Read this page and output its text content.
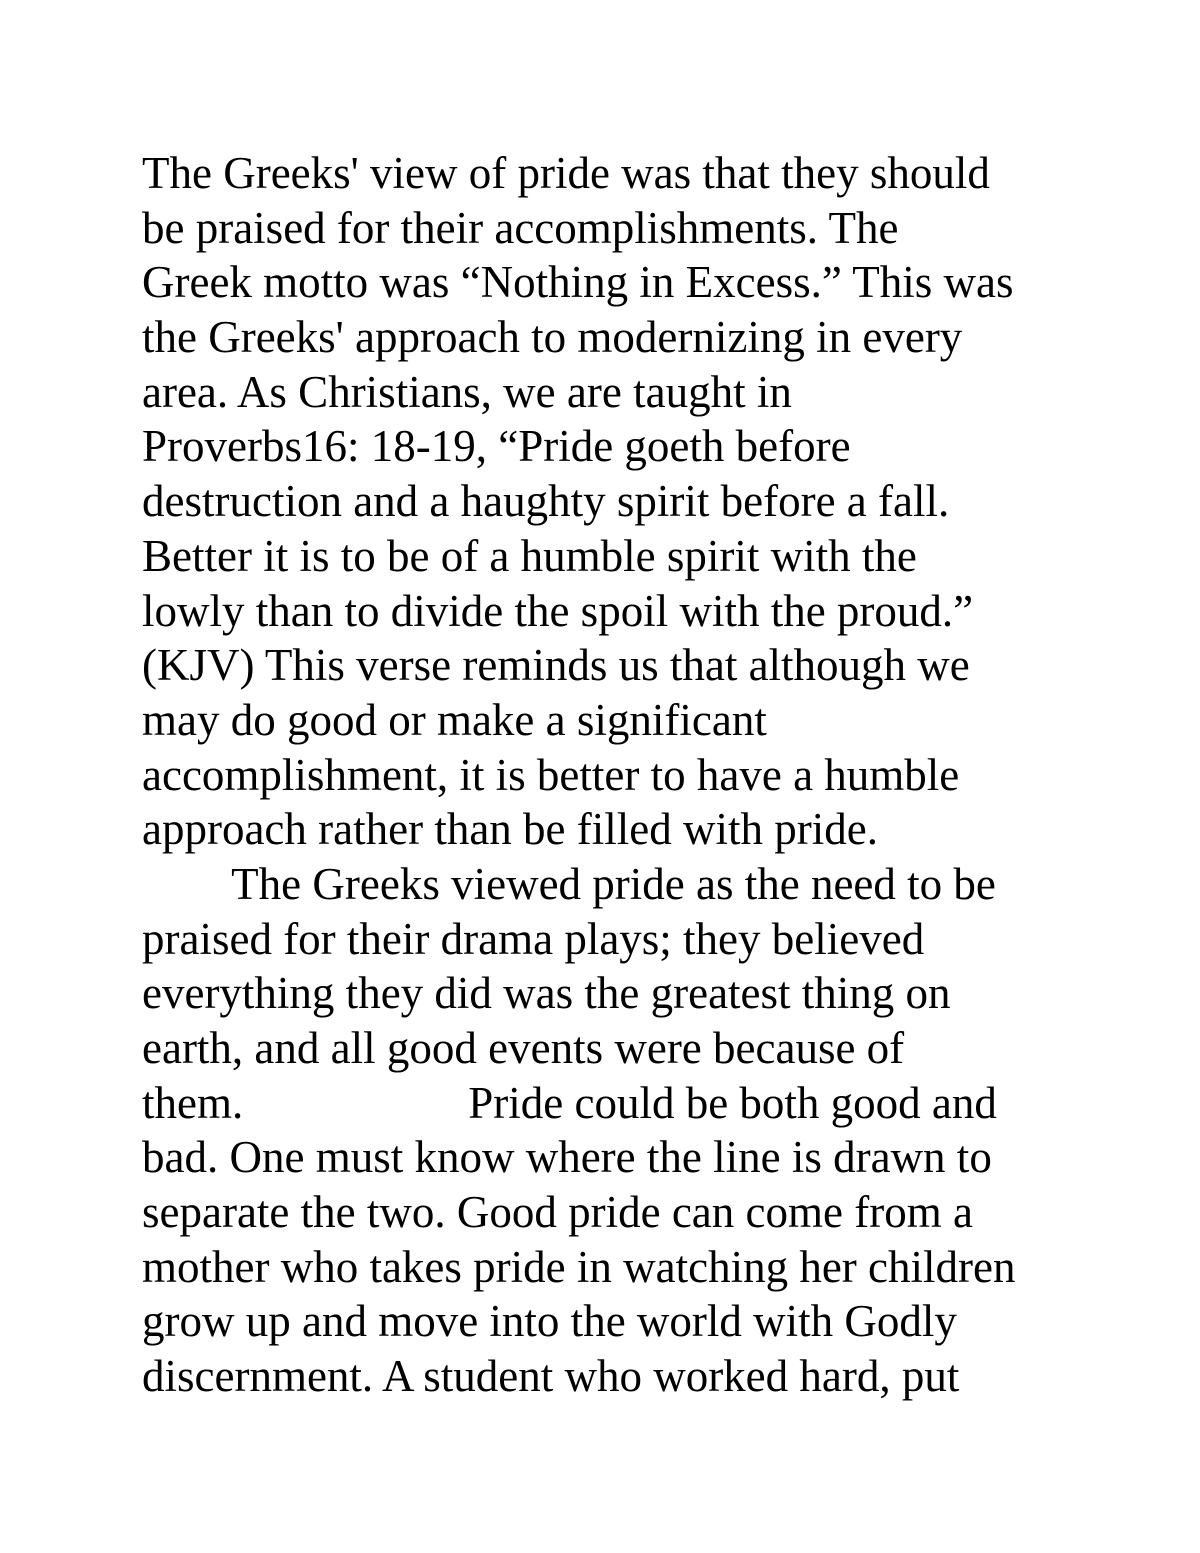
The Greeks' view of pride was that they should
be praised for their accomplishments. The
Greek motto was “Nothing in Excess.” This was
the Greeks' approach to modernizing in every
area. As Christians, we are taught in
Proverbs16: 18-19, “Pride goeth before
destruction and a haughty spirit before a fall.
Better it is to be of a humble spirit with the
lowly than to divide the spoil with the proud.”
(KJV) This verse reminds us that although we
may do good or make a significant
accomplishment, it is better to have a humble
approach rather than be filled with pride.
The Greeks viewed pride as the need to be
praised for their drama plays; they believed
everything they did was the greatest thing on
earth, and all good events were because of
them.                    Pride could be both good and
bad. One must know where the line is drawn to
separate the two. Good pride can come from a
mother who takes pride in watching her children
grow up and move into the world with Godly
discernment. A student who worked hard, put
